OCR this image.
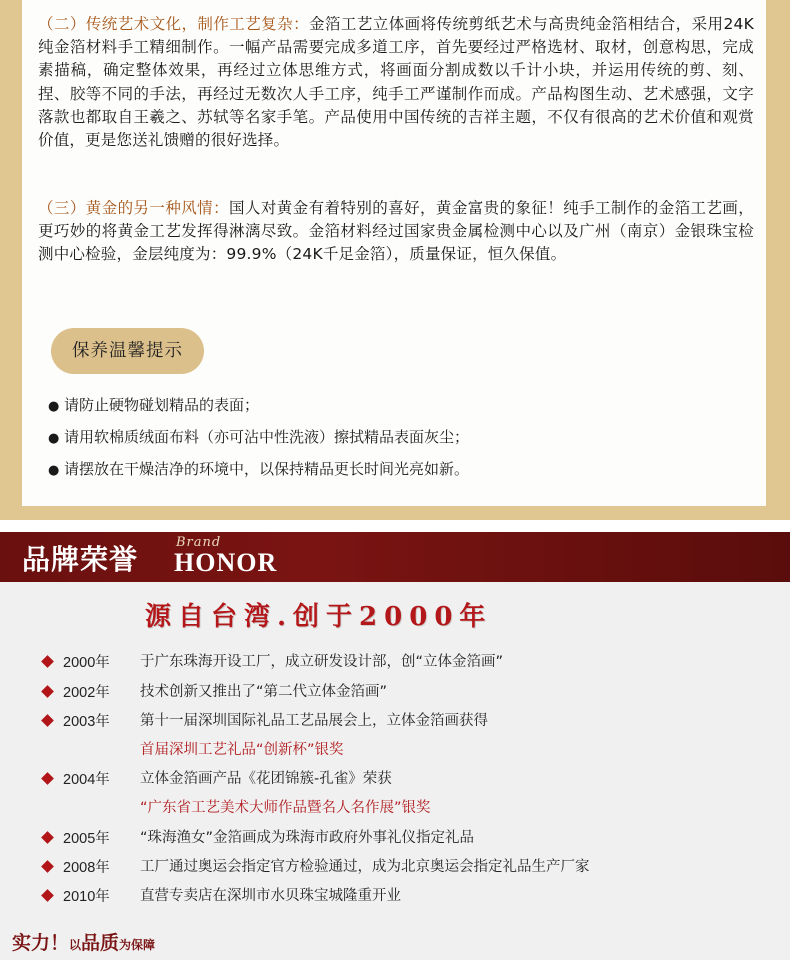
（二）传统艺术文化，制作工艺复杂：金箔工艺立体画将传统剪纸艺术与高贵纯金箔相结合，采用24K纯金箔材料手工精细制作。一幅产品需要完成多道工序，首先要经过严格选材、取材，创意构思，完成素描稿，确定整体效果，再经过立体思维方式，将画面分割成数以千计小块，并运用传统的剪、刻、捏、胶等不同的手法，再经过无数次人手工序，纯手工严谨制作而成。产品构图生动、艺术感强，文字落款也都取自王羲之、苏轼等名家手笔。产品使用中国传统的吉祥主题，不仅有很高的艺术价值和观赏价值，更是您送礼馈赠的很好选择。
（三）黄金的另一种风情：国人对黄金有着特别的喜好，黄金富贵的象征！纯手工制作的金箔工艺画，更巧妙的将黄金工艺发挥得淋漓尽致。金箔材料经过国家贵金属检测中心以及广州（南京）金银珠宝检测中心检验，金层纯度为：99.9%（24K千足金箔），质量保证，恒久保值。
保养温馨提示
● 请防止硬物碰划精品的表面；
● 请用软棉质绒面布料（亦可沾中性洗液）擦拭精品表面灰尘；
● 请摆放在干燥洁净的环境中，以保持精品更长时间光亮如新。
品牌荣誉
Brand
HONOR
源自台湾.创于2000年
2000年 于广东珠海开设工厂，成立研发设计部，创“立体金箔画”
2002年 技术创新又推出了“第二代立体金箔画”
2003年 第十一届深圳国际礼品工艺品展会上，立体金箔画获得
首届深圳工艺礼品“创新杯”银奖
2004年 立体金箔画产品《花团锦簇-孔雀》荣获
“广东省工艺美术大师作品暨名人名作展”银奖
2005年 “珠海渔女”金箔画成为珠海市政府外事礼仪指定礼品
2008年 工厂通过奥运会指定官方检验通过，成为北京奥运会指定礼品生产厂家
2010年 直营专卖店在深圳市水贝珠宝城隆重开业
实力！以品质为保障
